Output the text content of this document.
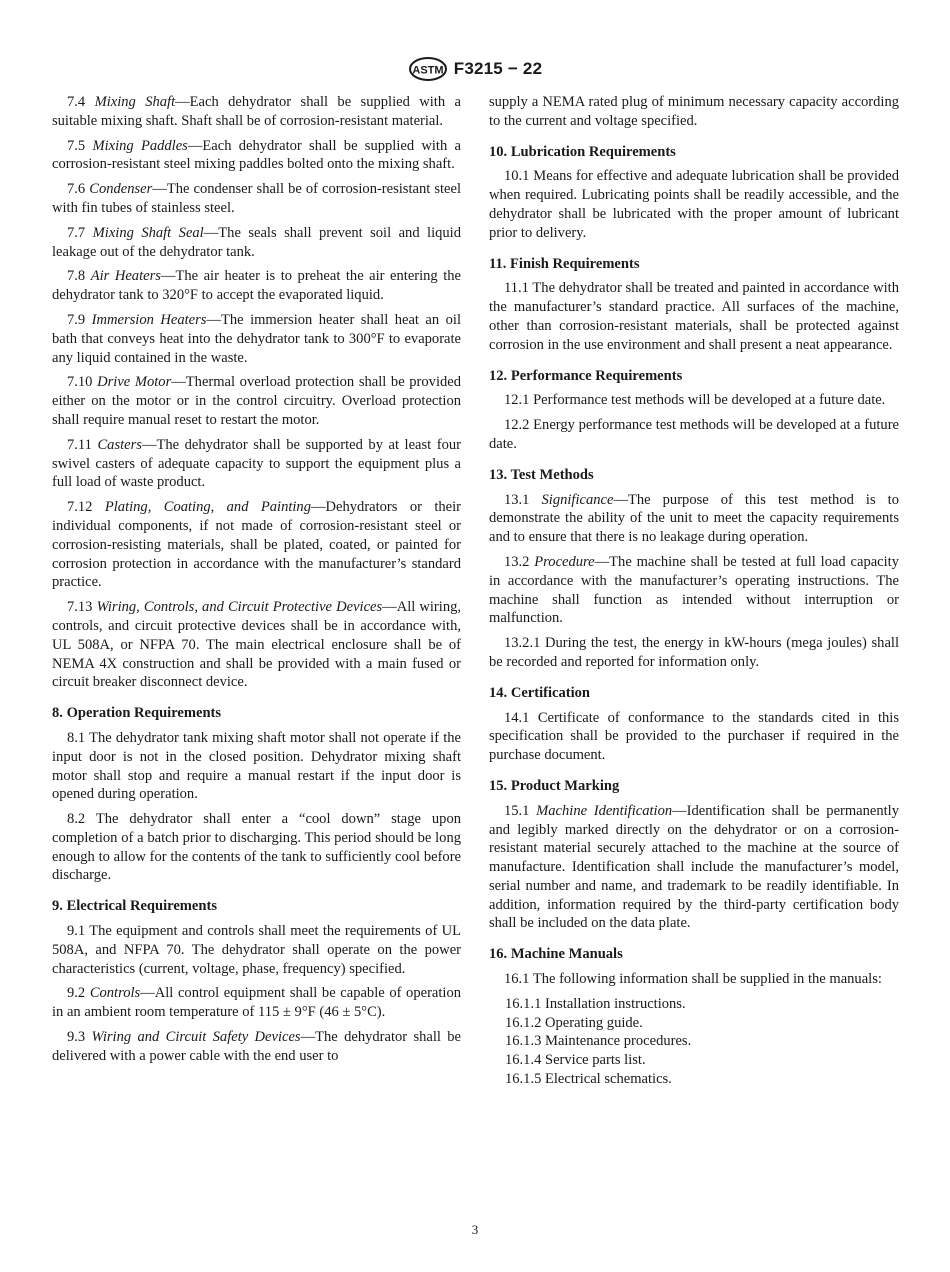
ASTM F3215 − 22

7.4 Mixing Shaft—Each dehydrator shall be supplied with a suitable mixing shaft. Shaft shall be of corrosion-resistant material.

7.5 Mixing Paddles—Each dehydrator shall be supplied with a corrosion-resistant steel mixing paddles bolted onto the mixing shaft.

7.6 Condenser—The condenser shall be of corrosion-resistant steel with fin tubes of stainless steel.

7.7 Mixing Shaft Seal—The seals shall prevent soil and liquid leakage out of the dehydrator tank.

7.8 Air Heaters—The air heater is to preheat the air entering the dehydrator tank to 320°F to accept the evaporated liquid.

7.9 Immersion Heaters—The immersion heater shall heat an oil bath that conveys heat into the dehydrator tank to 300°F to evaporate any liquid contained in the waste.

7.10 Drive Motor—Thermal overload protection shall be provided either on the motor or in the control circuitry. Overload protection shall require manual reset to restart the motor.

7.11 Casters—The dehydrator shall be supported by at least four swivel casters of adequate capacity to support the equipment plus a full load of waste product.

7.12 Plating, Coating, and Painting—Dehydrators or their individual components, if not made of corrosion-resistant steel or corrosion-resisting materials, shall be plated, coated, or painted for corrosion protection in accordance with the manufacturer’s standard practice.

7.13 Wiring, Controls, and Circuit Protective Devices—All wiring, controls, and circuit protective devices shall be in accordance with, UL 508A, or NFPA 70. The main electrical enclosure shall be of NEMA 4X construction and shall be provided with a main fused or circuit breaker disconnect device.

8. Operation Requirements

8.1 The dehydrator tank mixing shaft motor shall not operate if the input door is not in the closed position. Dehydrator mixing shaft motor shall stop and require a manual restart if the input door is opened during operation.

8.2 The dehydrator shall enter a “cool down” stage upon completion of a batch prior to discharging. This period should be long enough to allow for the contents of the tank to sufficiently cool before discharge.

9. Electrical Requirements

9.1 The equipment and controls shall meet the requirements of UL 508A, and NFPA 70. The dehydrator shall operate on the power characteristics (current, voltage, phase, frequency) specified.

9.2 Controls—All control equipment shall be capable of operation in an ambient room temperature of 115 ± 9°F (46 ± 5°C).

9.3 Wiring and Circuit Safety Devices—The dehydrator shall be delivered with a power cable with the end user to

supply a NEMA rated plug of minimum necessary capacity according to the current and voltage specified.

10. Lubrication Requirements

10.1 Means for effective and adequate lubrication shall be provided when required. Lubricating points shall be readily accessible, and the dehydrator shall be lubricated with the proper amount of lubricant prior to delivery.

11. Finish Requirements

11.1 The dehydrator shall be treated and painted in accordance with the manufacturer’s standard practice. All surfaces of the machine, other than corrosion-resistant materials, shall be protected against corrosion in the use environment and shall present a neat appearance.

12. Performance Requirements

12.1 Performance test methods will be developed at a future date.

12.2 Energy performance test methods will be developed at a future date.

13. Test Methods

13.1 Significance—The purpose of this test method is to demonstrate the ability of the unit to meet the capacity requirements and to ensure that there is no leakage during operation.

13.2 Procedure—The machine shall be tested at full load capacity in accordance with the manufacturer’s operating instructions. The machine shall function as intended without interruption or malfunction.

13.2.1 During the test, the energy in kW-hours (mega joules) shall be recorded and reported for information only.

14. Certification

14.1 Certificate of conformance to the standards cited in this specification shall be provided to the purchaser if required in the purchase document.

15. Product Marking

15.1 Machine Identification—Identification shall be permanently and legibly marked directly on the dehydrator or on a corrosion-resistant material securely attached to the machine at the source of manufacture. Identification shall include the manufacturer’s model, serial number and name, and trademark to be readily identifiable. In addition, information required by the third-party certification body shall be included on the data plate.

16. Machine Manuals

16.1 The following information shall be supplied in the manuals:

16.1.1 Installation instructions.
16.1.2 Operating guide.
16.1.3 Maintenance procedures.
16.1.4 Service parts list.
16.1.5 Electrical schematics.
3
